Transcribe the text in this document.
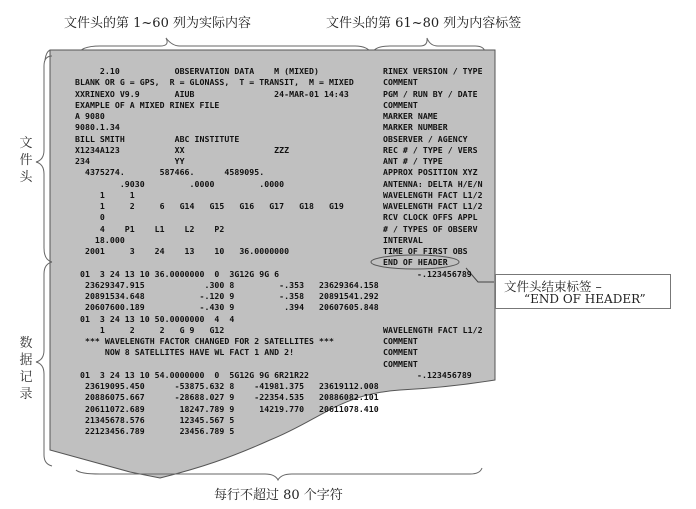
文件头的第 1~60 列为实际内容	文件头的第 61~80 列为内容标签
文件头
数据记录
2.10           OBSERVATION DATA    M (MIXED)	RINEX VERSION / TYPE
BLANK OR G = GPS,  R = GLONASS,  T = TRANSIT,  M = MIXED	COMMENT
XXRINEXO V9.9       AIUB                24-MAR-01 14:43	PGM / RUN BY / DATE
EXAMPLE OF A MIXED RINEX FILE	COMMENT
A 9080	MARKER NAME
9080.1.34	MARKER NUMBER
BILL SMITH          ABC INSTITUTE	OBSERVER / AGENCY
X1234A123           XX                  ZZZ	REC # / TYPE / VERS
234                 YY	ANT # / TYPE
4375274.       587466.      4589095.	APPROX POSITION XYZ
.9030         .0000         .0000	ANTENNA: DELTA H/E/N
1     1	WAVELENGTH FACT L1/2
1     2     6   G14   G15   G16   G17   G18   G19	WAVELENGTH FACT L1/2
0	RCV CLOCK OFFS APPL
4    P1    L1    L2    P2	# / TYPES OF OBSERV
18.000	INTERVAL
2001     3    24    13    10   36.0000000	TIME OF FIRST OBS
END OF HEADER
01  3 24 13 10 36.0000000  0  3G12G 9G 6	-.123456789
23629347.915            .300 8         -.353   23629364.158
20891534.648           -.120 9         -.358   20891541.292
20607600.189           -.430 9          .394   20607605.848
01  3 24 13 10 50.0000000  4  4
1     2     2   G 9   G12	WAVELENGTH FACT L1/2
*** WAVELENGTH FACTOR CHANGED FOR 2 SATELLITES ***	COMMENT
NOW 8 SATELLITES HAVE WL FACT 1 AND 2!	COMMENT
COMMENT
01  3 24 13 10 54.0000000  0  5G12G 9G 6R21R22	-.123456789
23619095.450      -53875.632 8    -41981.375   23619112.008
20886075.667      -28688.027 9    -22354.535   20886082.101
20611072.689       18247.789 9     14219.770   20611078.410
21345678.576       12345.567 5
22123456.789       23456.789 5
文件头结束标签 –
“END OF HEADER”
每行不超过 80 个字符
